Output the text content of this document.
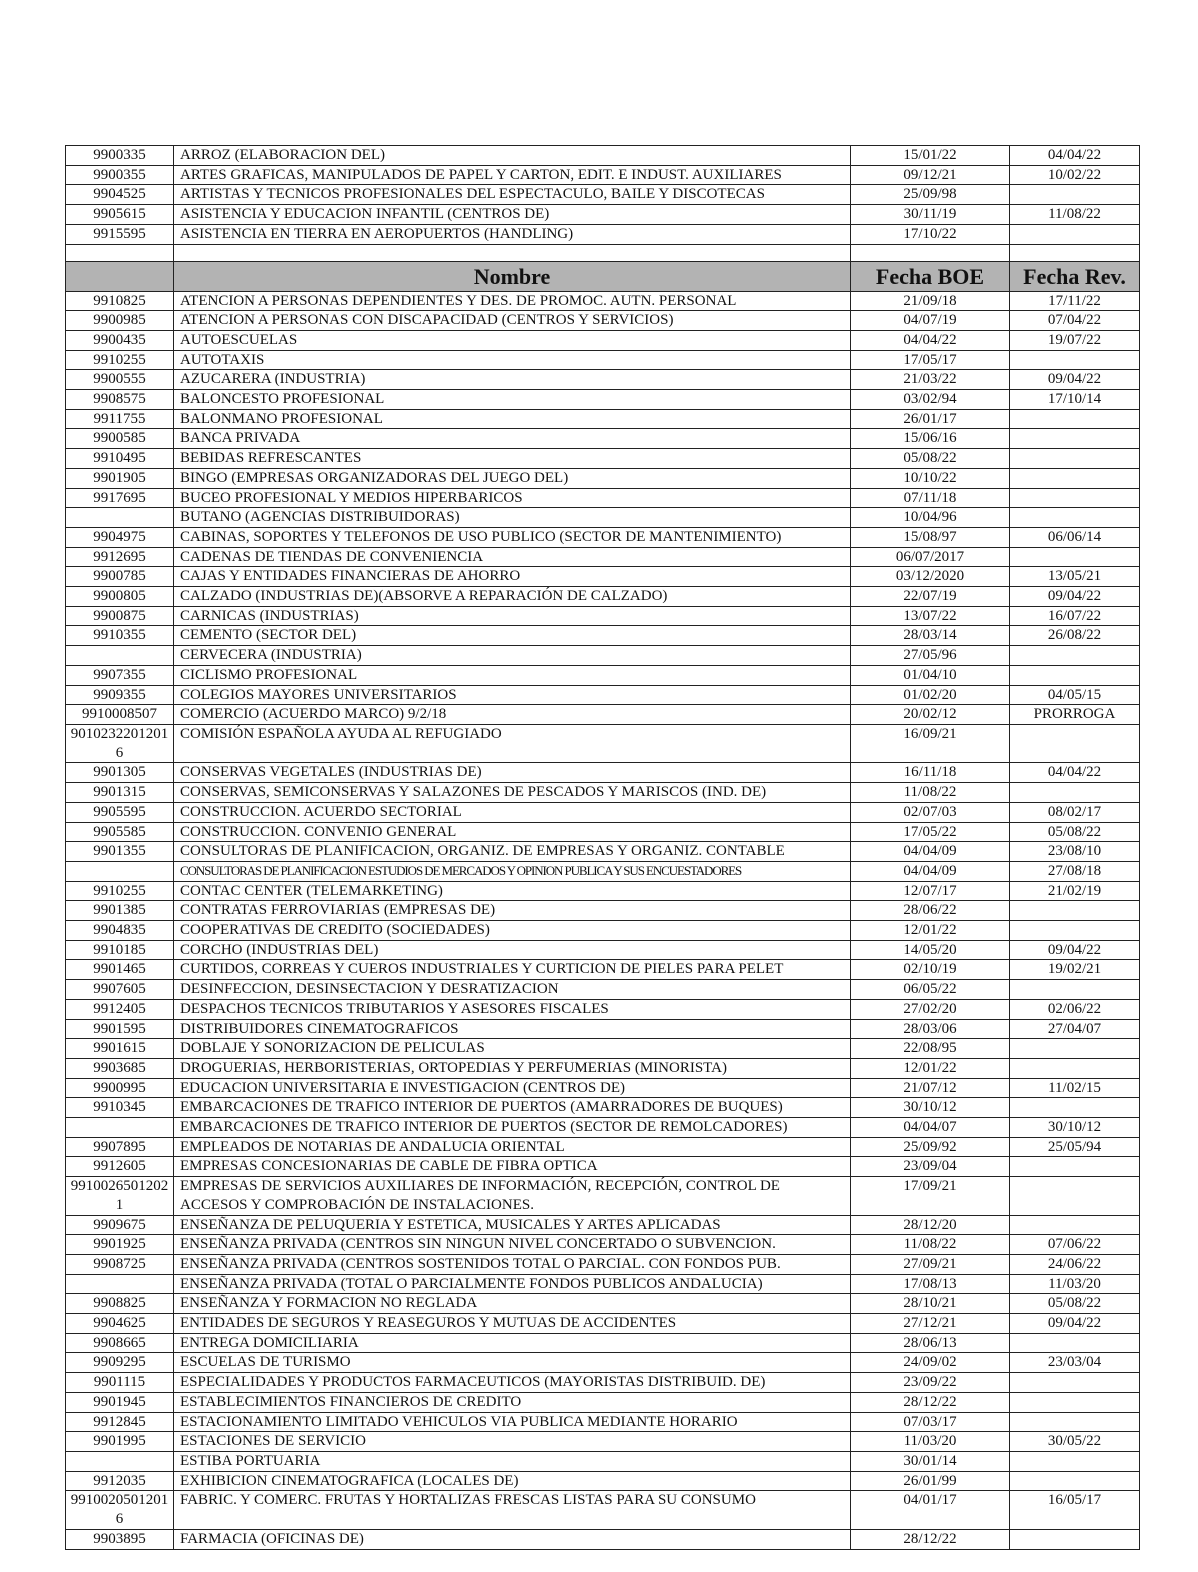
9900335	ARROZ (ELABORACION DEL)	15/01/22	04/04/22
9900355	ARTES GRAFICAS, MANIPULADOS DE PAPEL Y CARTON, EDIT. E INDUST. AUXILIARES	09/12/21	10/02/22
9904525	ARTISTAS Y TECNICOS PROFESIONALES DEL ESPECTACULO, BAILE Y DISCOTECAS	25/09/98	
9905615	ASISTENCIA Y EDUCACION INFANTIL (CENTROS DE)	30/11/19	11/08/22
9915595	ASISTENCIA EN TIERRA EN AEROPUERTOS (HANDLING)	17/10/22	

	Nombre	Fecha BOE	Fecha Rev.
9910825	ATENCION A PERSONAS DEPENDIENTES Y DES. DE PROMOC. AUTN. PERSONAL	21/09/18	17/11/22
9900985	ATENCION A PERSONAS CON DISCAPACIDAD (CENTROS Y SERVICIOS)	04/07/19	07/04/22
9900435	AUTOESCUELAS	04/04/22	19/07/22
9910255	AUTOTAXIS	17/05/17	
9900555	AZUCARERA (INDUSTRIA)	21/03/22	09/04/22
9908575	BALONCESTO PROFESIONAL	03/02/94	17/10/14
9911755	BALONMANO PROFESIONAL	26/01/17	
9900585	BANCA PRIVADA	15/06/16	
9910495	BEBIDAS REFRESCANTES	05/08/22	
9901905	BINGO (EMPRESAS ORGANIZADORAS DEL JUEGO DEL)	10/10/22	
9917695	BUCEO PROFESIONAL Y MEDIOS HIPERBARICOS	07/11/18	
	BUTANO (AGENCIAS DISTRIBUIDORAS)	10/04/96	
9904975	CABINAS, SOPORTES Y TELEFONOS DE USO PUBLICO (SECTOR DE MANTENIMIENTO)	15/08/97	06/06/14
9912695	CADENAS DE TIENDAS DE CONVENIENCIA	06/07/2017	
9900785	CAJAS Y ENTIDADES FINANCIERAS DE AHORRO	03/12/2020	13/05/21
9900805	CALZADO (INDUSTRIAS DE)(ABSORVE A REPARACIÓN DE CALZADO)	22/07/19	09/04/22
9900875	CARNICAS (INDUSTRIAS)	13/07/22	16/07/22
9910355	CEMENTO (SECTOR DEL)	28/03/14	26/08/22
	CERVECERA (INDUSTRIA)	27/05/96	
9907355	CICLISMO PROFESIONAL	01/04/10	
9909355	COLEGIOS MAYORES UNIVERSITARIOS	01/02/20	04/05/15
9910008507	COMERCIO (ACUERDO MARCO) 9/2/18	20/02/12	PRORROGA
90102322012016	COMISIÓN ESPAÑOLA AYUDA AL REFUGIADO	16/09/21	
9901305	CONSERVAS VEGETALES (INDUSTRIAS DE)	16/11/18	04/04/22
9901315	CONSERVAS, SEMICONSERVAS Y SALAZONES DE PESCADOS Y MARISCOS (IND. DE)	11/08/22	
9905595	CONSTRUCCION. ACUERDO SECTORIAL	02/07/03	08/02/17
9905585	CONSTRUCCION. CONVENIO GENERAL	17/05/22	05/08/22
9901355	CONSULTORAS DE PLANIFICACION, ORGANIZ. DE EMPRESAS Y ORGANIZ. CONTABLE	04/04/09	23/08/10
	CONSULTORAS DE PLANIFICACION ESTUDIOS DE MERCADOS Y OPINION PUBLICA Y SUS ENCUESTADORES	04/04/09	27/08/18
9910255	CONTAC CENTER (TELEMARKETING)	12/07/17	21/02/19
9901385	CONTRATAS FERROVIARIAS (EMPRESAS DE)	28/06/22	
9904835	COOPERATIVAS DE CREDITO (SOCIEDADES)	12/01/22	
9910185	CORCHO (INDUSTRIAS DEL)	14/05/20	09/04/22
9901465	CURTIDOS, CORREAS Y CUEROS INDUSTRIALES Y CURTICION DE PIELES PARA PELET	02/10/19	19/02/21
9907605	DESINFECCION, DESINSECTACION Y DESRATIZACION	06/05/22	
9912405	DESPACHOS TECNICOS TRIBUTARIOS Y ASESORES FISCALES	27/02/20	02/06/22
9901595	DISTRIBUIDORES CINEMATOGRAFICOS	28/03/06	27/04/07
9901615	DOBLAJE Y SONORIZACION DE PELICULAS	22/08/95	
9903685	DROGUERIAS, HERBORISTERIAS, ORTOPEDIAS Y PERFUMERIAS (MINORISTA)	12/01/22	
9900995	EDUCACION UNIVERSITARIA E INVESTIGACION (CENTROS DE)	21/07/12	11/02/15
9910345	EMBARCACIONES DE TRAFICO INTERIOR DE PUERTOS (AMARRADORES DE BUQUES)	30/10/12	
	EMBARCACIONES DE TRAFICO INTERIOR DE PUERTOS (SECTOR DE REMOLCADORES)	04/04/07	30/10/12
9907895	EMPLEADOS DE NOTARIAS DE ANDALUCIA ORIENTAL	25/09/92	25/05/94
9912605	EMPRESAS CONCESIONARIAS DE CABLE DE FIBRA OPTICA	23/09/04	
99100265012021	EMPRESAS DE SERVICIOS AUXILIARES DE INFORMACIÓN, RECEPCIÓN, CONTROL DE ACCESOS Y COMPROBACIÓN DE INSTALACIONES.	17/09/21	
9909675	ENSEÑANZA DE PELUQUERIA Y ESTETICA, MUSICALES Y ARTES APLICADAS	28/12/20	
9901925	ENSEÑANZA PRIVADA (CENTROS SIN NINGUN NIVEL CONCERTADO O SUBVENCION.	11/08/22	07/06/22
9908725	ENSEÑANZA PRIVADA (CENTROS SOSTENIDOS TOTAL O PARCIAL. CON FONDOS PUB.	27/09/21	24/06/22
	ENSEÑANZA PRIVADA (TOTAL O PARCIALMENTE FONDOS PUBLICOS ANDALUCIA)	17/08/13	11/03/20
9908825	ENSEÑANZA Y FORMACION NO REGLADA	28/10/21	05/08/22
9904625	ENTIDADES DE SEGUROS Y REASEGUROS Y MUTUAS DE ACCIDENTES	27/12/21	09/04/22
9908665	ENTREGA DOMICILIARIA	28/06/13	
9909295	ESCUELAS DE TURISMO	24/09/02	23/03/04
9901115	ESPECIALIDADES Y PRODUCTOS FARMACEUTICOS (MAYORISTAS DISTRIBUID. DE)	23/09/22	
9901945	ESTABLECIMIENTOS FINANCIEROS DE CREDITO	28/12/22	
9912845	ESTACIONAMIENTO LIMITADO VEHICULOS VIA PUBLICA MEDIANTE HORARIO	07/03/17	
9901995	ESTACIONES DE SERVICIO	11/03/20	30/05/22
	ESTIBA PORTUARIA	30/01/14	
9912035	EXHIBICION CINEMATOGRAFICA (LOCALES DE)	26/01/99	
99100205012016	FABRIC. Y COMERC. FRUTAS Y HORTALIZAS FRESCAS LISTAS PARA SU CONSUMO	04/01/17	16/05/17
9903895	FARMACIA (OFICINAS DE)	28/12/22	
